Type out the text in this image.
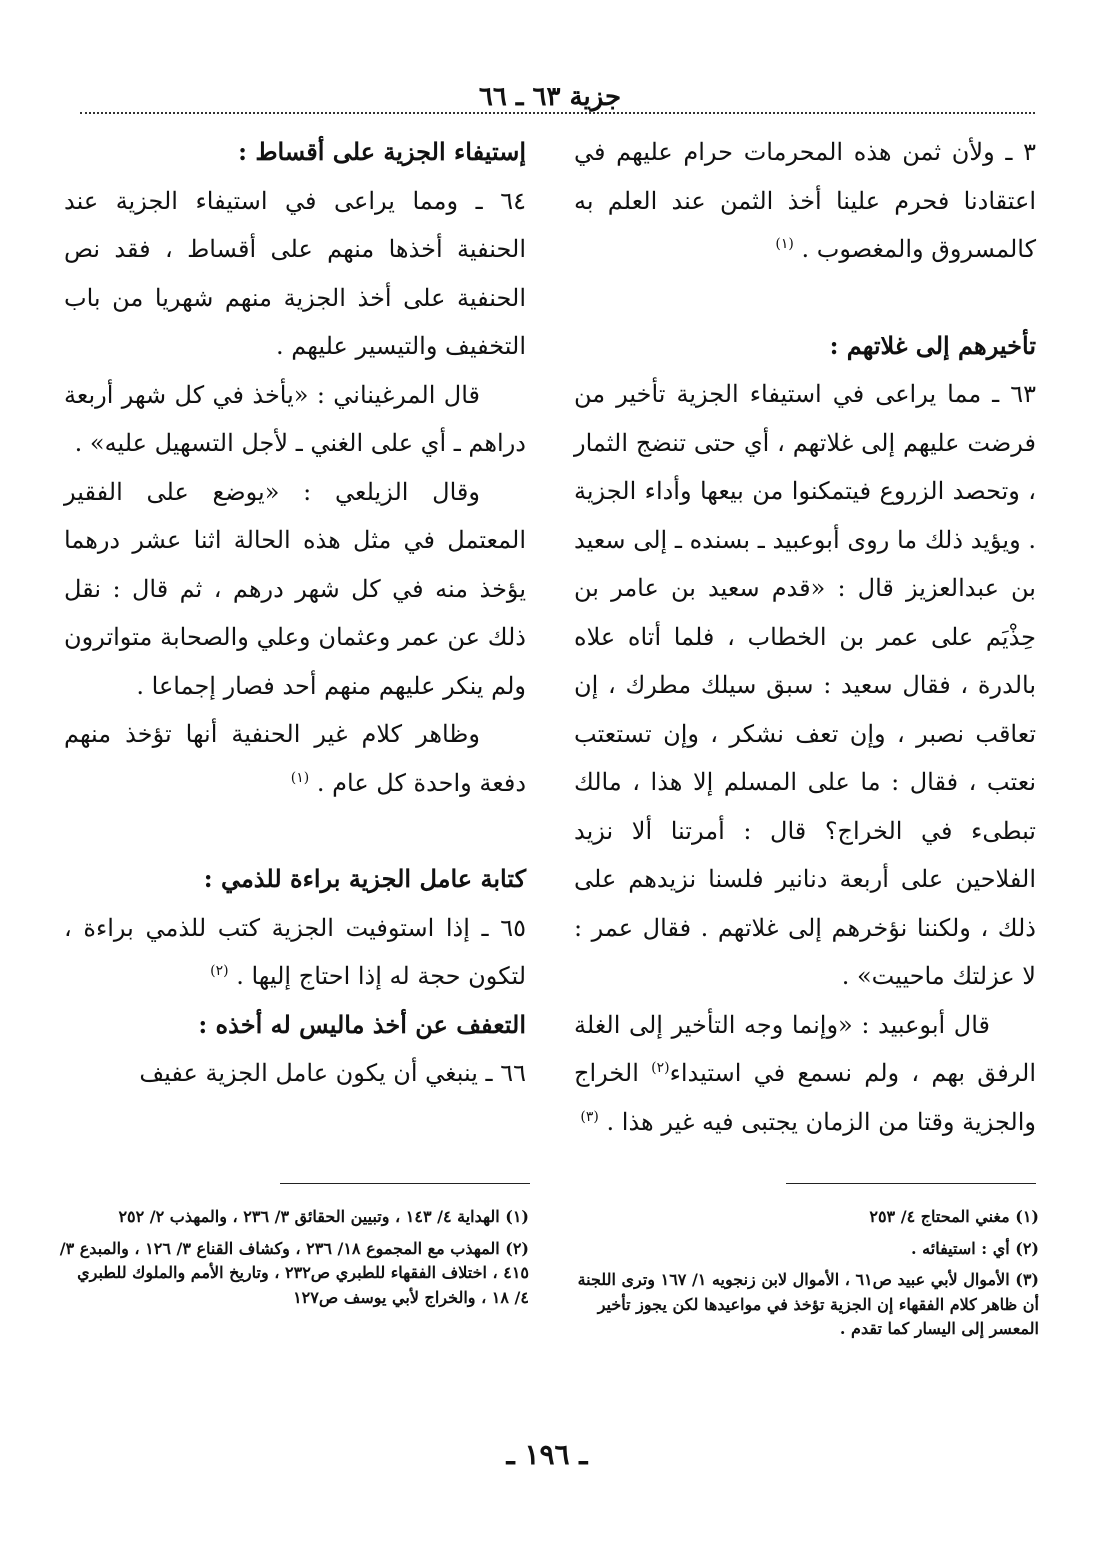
جزية ٦٣ ـ ٦٦

٣ ـ ولأن ثمن هذه المحرمات حرام عليهم في اعتقادنا فحرم علينا أخذ الثمن عند العلم به كالمسروق والمغصوب . $^{(١)}$

تأخيرهم إلى غلاتهم :

٦٣ ـ مما يراعى في استيفاء الجزية تأخير من فرضت عليهم إلى غلاتهم ، أي حتى تنضج الثمار ، وتحصد الزروع فيتمكنوا من بيعها وأداء الجزية . ويؤيد ذلك ما روى أبوعبيد ـ بسنده ـ إلى سعيد بن عبدالعزيز قال : «قدم سعيد بن عامر بن حِذْيَم على عمر بن الخطاب ، فلما أتاه علاه بالدرة ، فقال سعيد : سبق سيلك مطرك ، إن تعاقب نصبر ، وإن تعف نشكر ، وإن تستعتب نعتب ، فقال : ما على المسلم إلا هذا ، مالك تبطىء في الخراج؟ قال : أمرتنا ألا نزيد الفلاحين على أربعة دنانير فلسنا نزيدهم على ذلك ، ولكننا نؤخرهم إلى غلاتهم . فقال عمر : لا عزلتك ماحييت» .

قال أبوعبيد : «وإنما وجه التأخير إلى الغلة الرفق بهم ، ولم نسمع في استيداء$^{(٢)}$ الخراج والجزية وقتا من الزمان يجتبى فيه غير هذا . $^{(٣)}$

إستيفاء الجزية على أقساط :

٦٤ ـ ومما يراعى في استيفاء الجزية عند الحنفية أخذها منهم على أقساط ، فقد نص الحنفية على أخذ الجزية منهم شهريا من باب التخفيف والتيسير عليهم .

قال المرغيناني : «يأخذ في كل شهر أربعة دراهم ـ أي على الغني ـ لأجل التسهيل عليه» .

وقال الزيلعي : «يوضع على الفقير المعتمل في مثل هذه الحالة اثنا عشر درهما يؤخذ منه في كل شهر درهم ، ثم قال : نقل ذلك عن عمر وعثمان وعلي والصحابة متواترون ولم ينكر عليهم منهم أحد فصار إجماعا .

وظاهر كلام غير الحنفية أنها تؤخذ منهم دفعة واحدة كل عام . $^{(١)}$

كتابة عامل الجزية براءة للذمي :

٦٥ ـ إذا استوفيت الجزية كتب للذمي براءة ، لتكون حجة له إذا احتاج إليها . $^{(٢)}$

التعفف عن أخذ ماليس له أخذه :

٦٦ ـ ينبغي أن يكون عامل الجزية عفيف

(١) مغني المحتاج ٤/ ٢٥٣

(٢) أي : استيفائه .

(٣) الأموال لأبي عبيد ص٦١ ، الأموال لابن زنجويه ١/ ١٦٧ وترى اللجنة أن ظاهر كلام الفقهاء إن الجزية تؤخذ في مواعيدها لكن يجوز تأخير المعسر إلى اليسار كما تقدم .

(١) الهداية ٤/ ١٤٣ ، وتبيين الحقائق ٣/ ٢٣٦ ، والمهذب ٢/ ٢٥٢

(٢) المهذب مع المجموع ١٨/ ٢٣٦ ، وكشاف القناع ٣/ ١٢٦ ، والمبدع ٣/ ٤١٥ ، اختلاف الفقهاء للطبري ص٢٣٢ ، وتاريخ الأمم والملوك للطبري ٤/ ١٨ ، والخراج لأبي يوسف ص١٢٧

ـ ١٩٦ ـ
